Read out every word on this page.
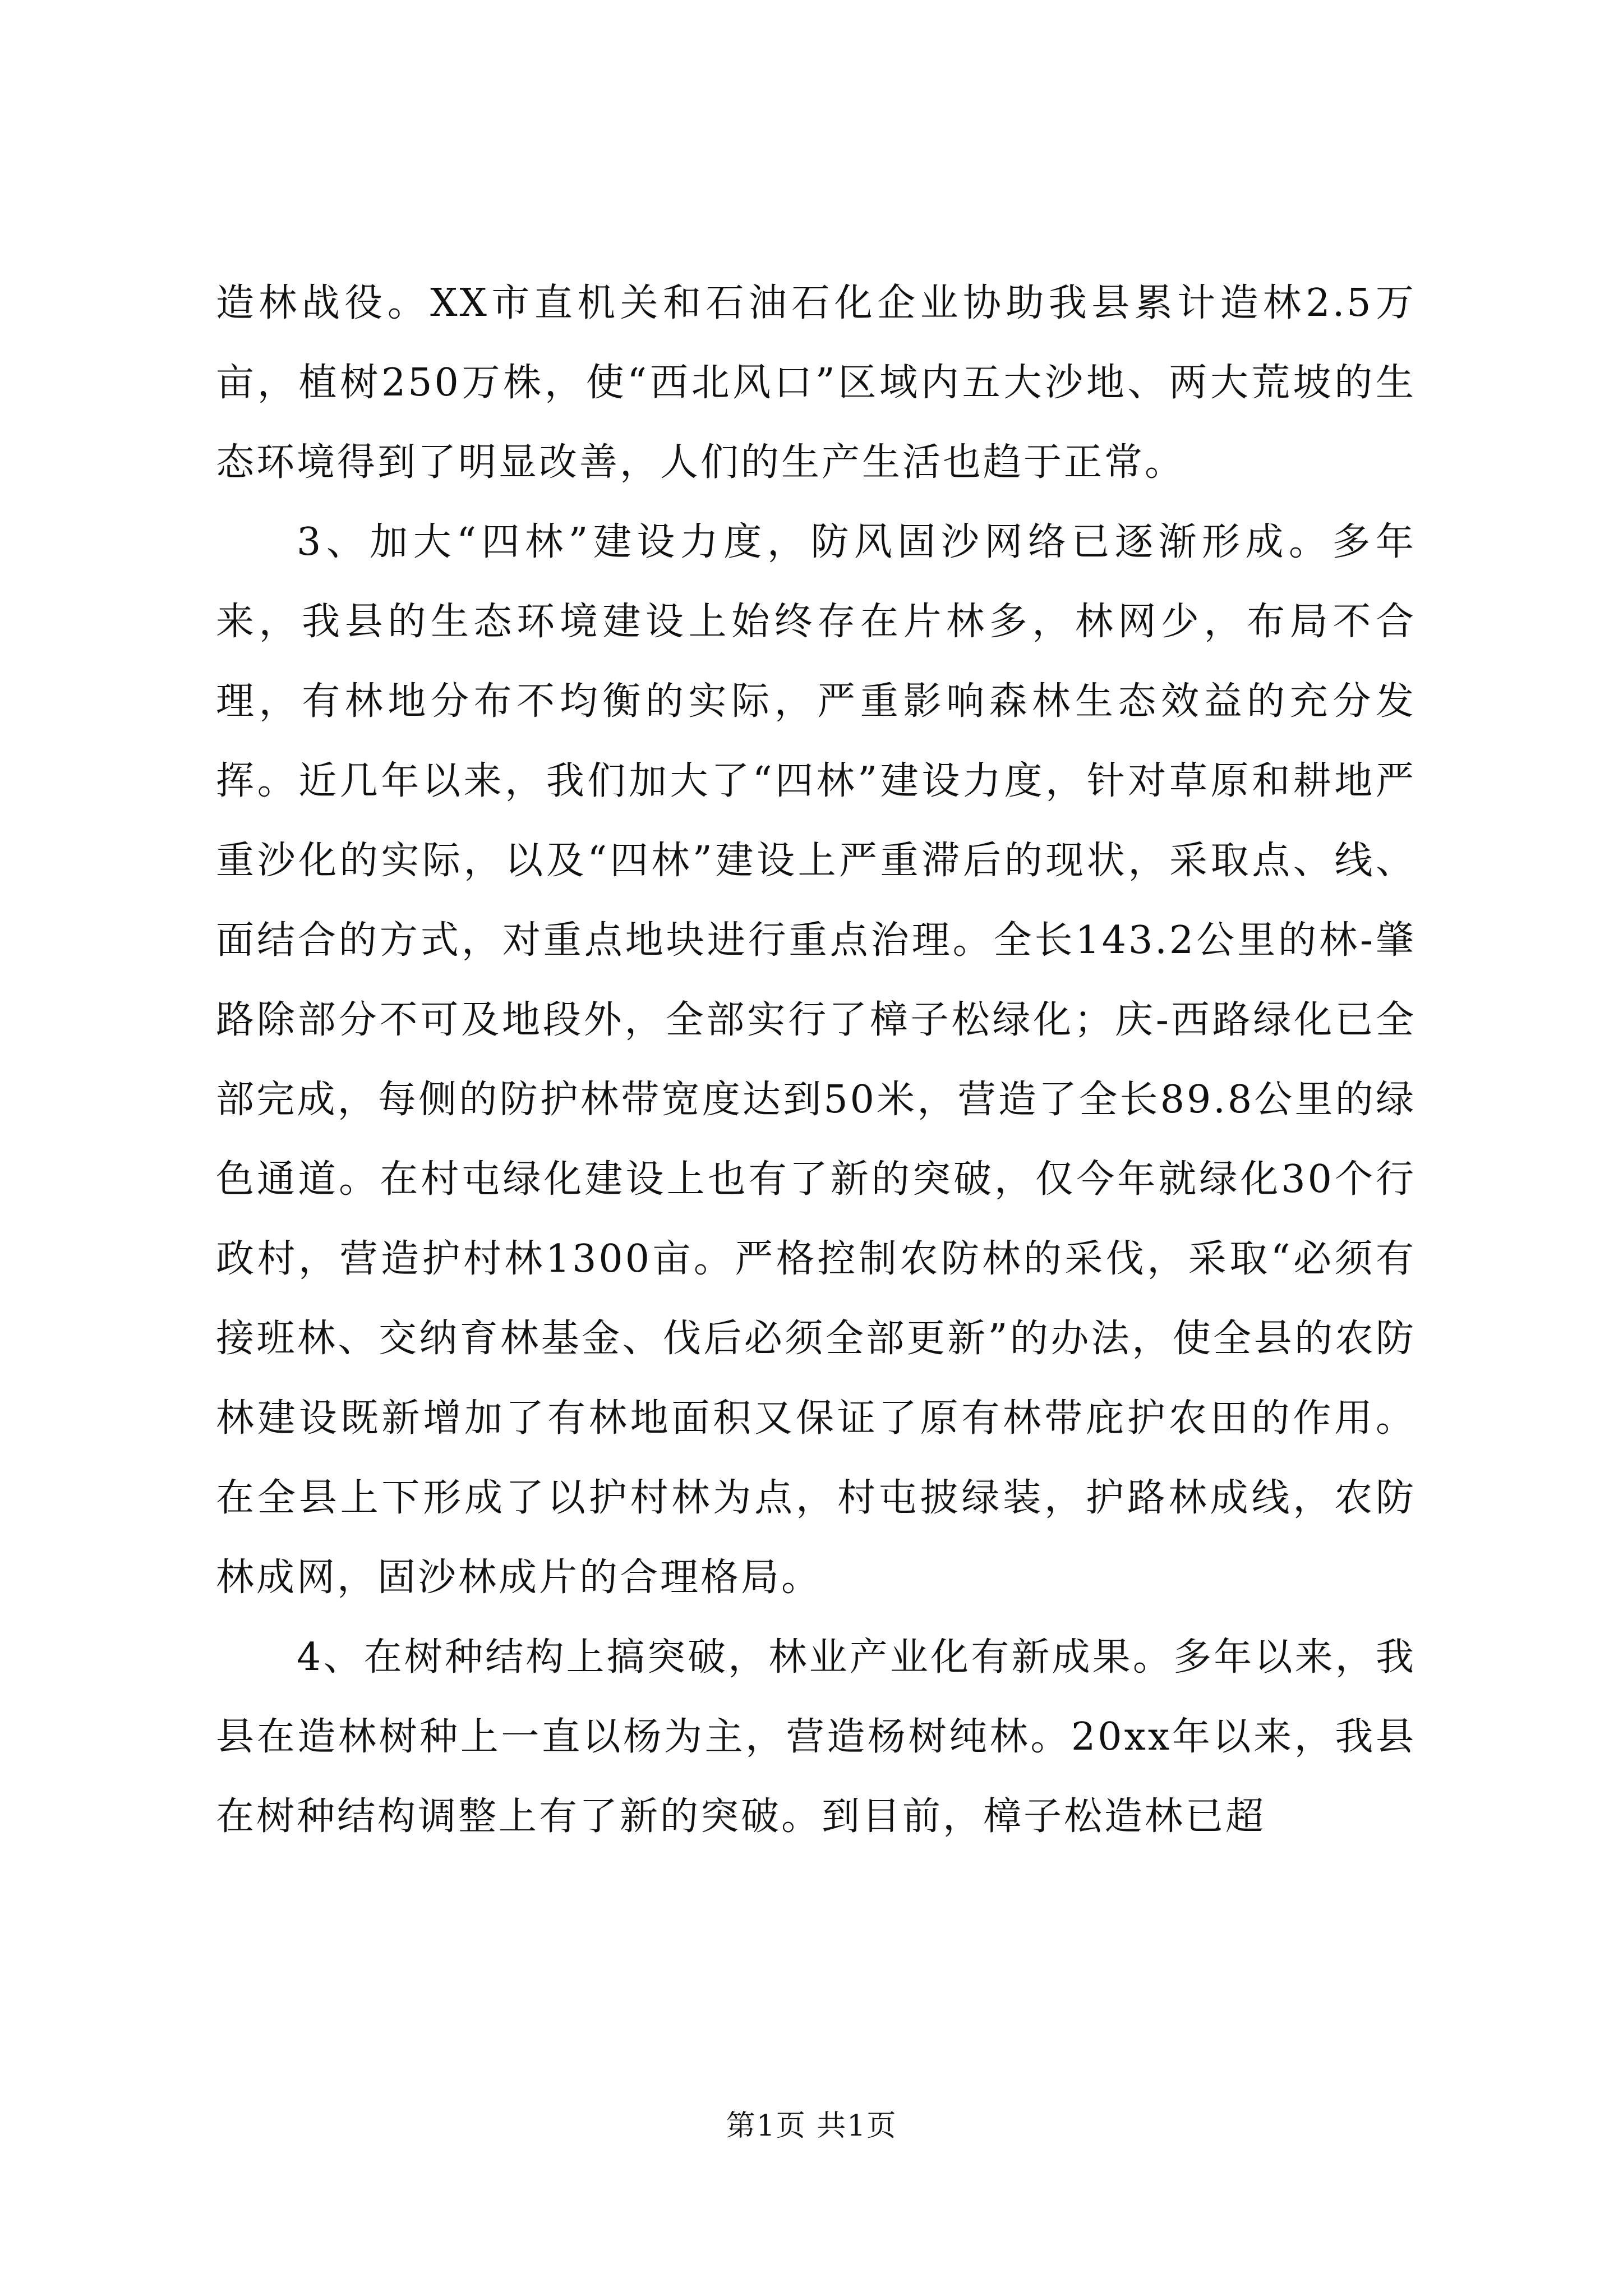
造林战役。XX市直机关和石油石化企业协助我县累计造林2.5万亩，植树250万株，使“西北风口”区域内五大沙地、两大荒坡的生态环境得到了明显改善，人们的生产生活也趋于正常。

3、加大“四林”建设力度，防风固沙网络已逐渐形成。多年来，我县的生态环境建设上始终存在片林多，林网少，布局不合理，有林地分布不均衡的实际，严重影响森林生态效益的充分发挥。近几年以来，我们加大了“四林”建设力度，针对草原和耕地严重沙化的实际，以及“四林”建设上严重滞后的现状，采取点、线、面结合的方式，对重点地块进行重点治理。全长143.2公里的林-肇路除部分不可及地段外，全部实行了樟子松绿化；庆-西路绿化已全部完成，每侧的防护林带宽度达到50米，营造了全长89.8公里的绿色通道。在村屯绿化建设上也有了新的突破，仅今年就绿化30个行政村，营造护村林1300亩。严格控制农防林的采伐，采取“必须有接班林、交纳育林基金、伐后必须全部更新”的办法，使全县的农防林建设既新增加了有林地面积又保证了原有林带庇护农田的作用。在全县上下形成了以护村林为点，村屯披绿装，护路林成线，农防林成网，固沙林成片的合理格局。

4、在树种结构上搞突破，林业产业化有新成果。多年以来，我县在造林树种上一直以杨为主，营造杨树纯林。20xx年以来，我县在树种结构调整上有了新的突破。到目前，樟子松造林已超

第1页 共1页
